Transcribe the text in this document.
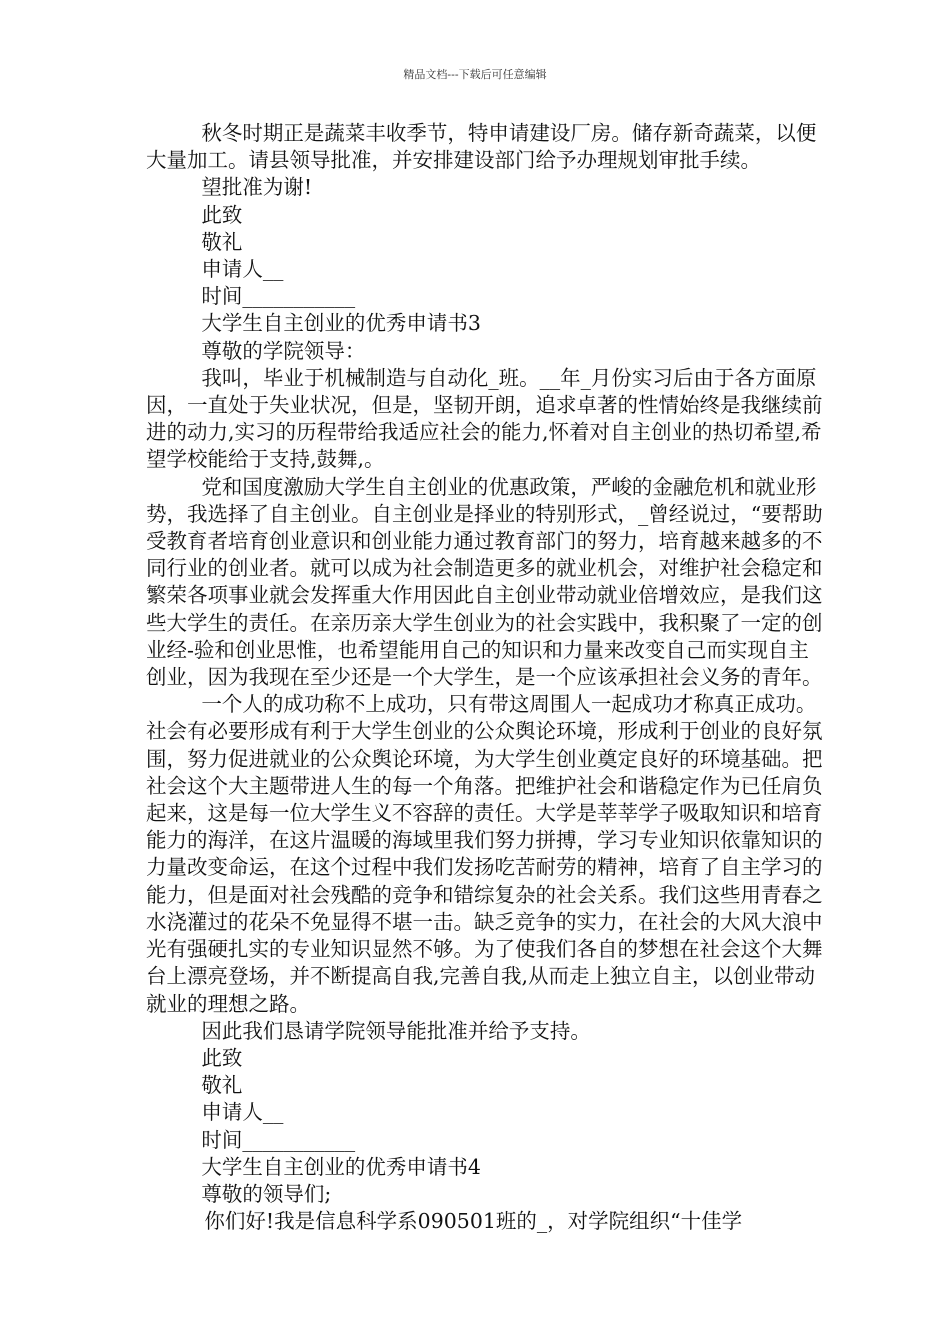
精品文档---下载后可任意编辑

秋冬时期正是蔬菜丰收季节，特申请建设厂房。储存新奇蔬菜，以便大量加工。请县领导批准，并安排建设部门给予办理规划审批手续。

望批准为谢!

此致

敬礼

申请人__

时间___________

大学生自主创业的优秀申请书3

尊敬的学院领导：

我叫，毕业于机械制造与自动化_班。__年_月份实习后由于各方面原因，一直处于失业状况，但是，坚韧开朗，追求卓著的性情始终是我继续前进的动力,实习的历程带给我适应社会的能力,怀着对自主创业的热切希望,希望学校能给于支持,鼓舞,。

党和国度激励大学生自主创业的优惠政策，严峻的金融危机和就业形势，我选择了自主创业。自主创业是择业的特别形式，_曾经说过，“要帮助受教育者培育创业意识和创业能力通过教育部门的努力，培育越来越多的不同行业的创业者。就可以成为社会制造更多的就业机会，对维护社会稳定和繁荣各项事业就会发挥重大作用因此自主创业带动就业倍增效应，是我们这些大学生的责任。在亲历亲大学生创业为的社会实践中，我积聚了一定的创业经-验和创业思惟，也希望能用自己的知识和力量来改变自己而实现自主创业，因为我现在至少还是一个大学生，是一个应该承担社会义务的青年。

一个人的成功称不上成功，只有带这周围人一起成功才称真正成功。社会有必要形成有利于大学生创业的公众舆论环境，形成利于创业的良好氛围，努力促进就业的公众舆论环境，为大学生创业奠定良好的环境基础。把社会这个大主题带进人生的每一个角落。把维护社会和谐稳定作为已任肩负起来，这是每一位大学生义不容辞的责任。大学是莘莘学子吸取知识和培育能力的海洋，在这片温暖的海域里我们努力拼搏，学习专业知识依靠知识的力量改变命运，在这个过程中我们发扬吃苦耐劳的精神，培育了自主学习的能力，但是面对社会残酷的竞争和错综复杂的社会关系。我们这些用青春之水浇灌过的花朵不免显得不堪一击。缺乏竞争的实力，在社会的大风大浪中光有强硬扎实的专业知识显然不够。为了使我们各自的梦想在社会这个大舞台上漂亮登场，并不断提高自我,完善自我,从而走上独立自主，以创业带动就业的理想之路。

因此我们恳请学院领导能批准并给予支持。

此致

敬礼

申请人__

时间___________

大学生自主创业的优秀申请书4

尊敬的领导们;

你们好!我是信息科学系090501班的_，对学院组织“十佳学
